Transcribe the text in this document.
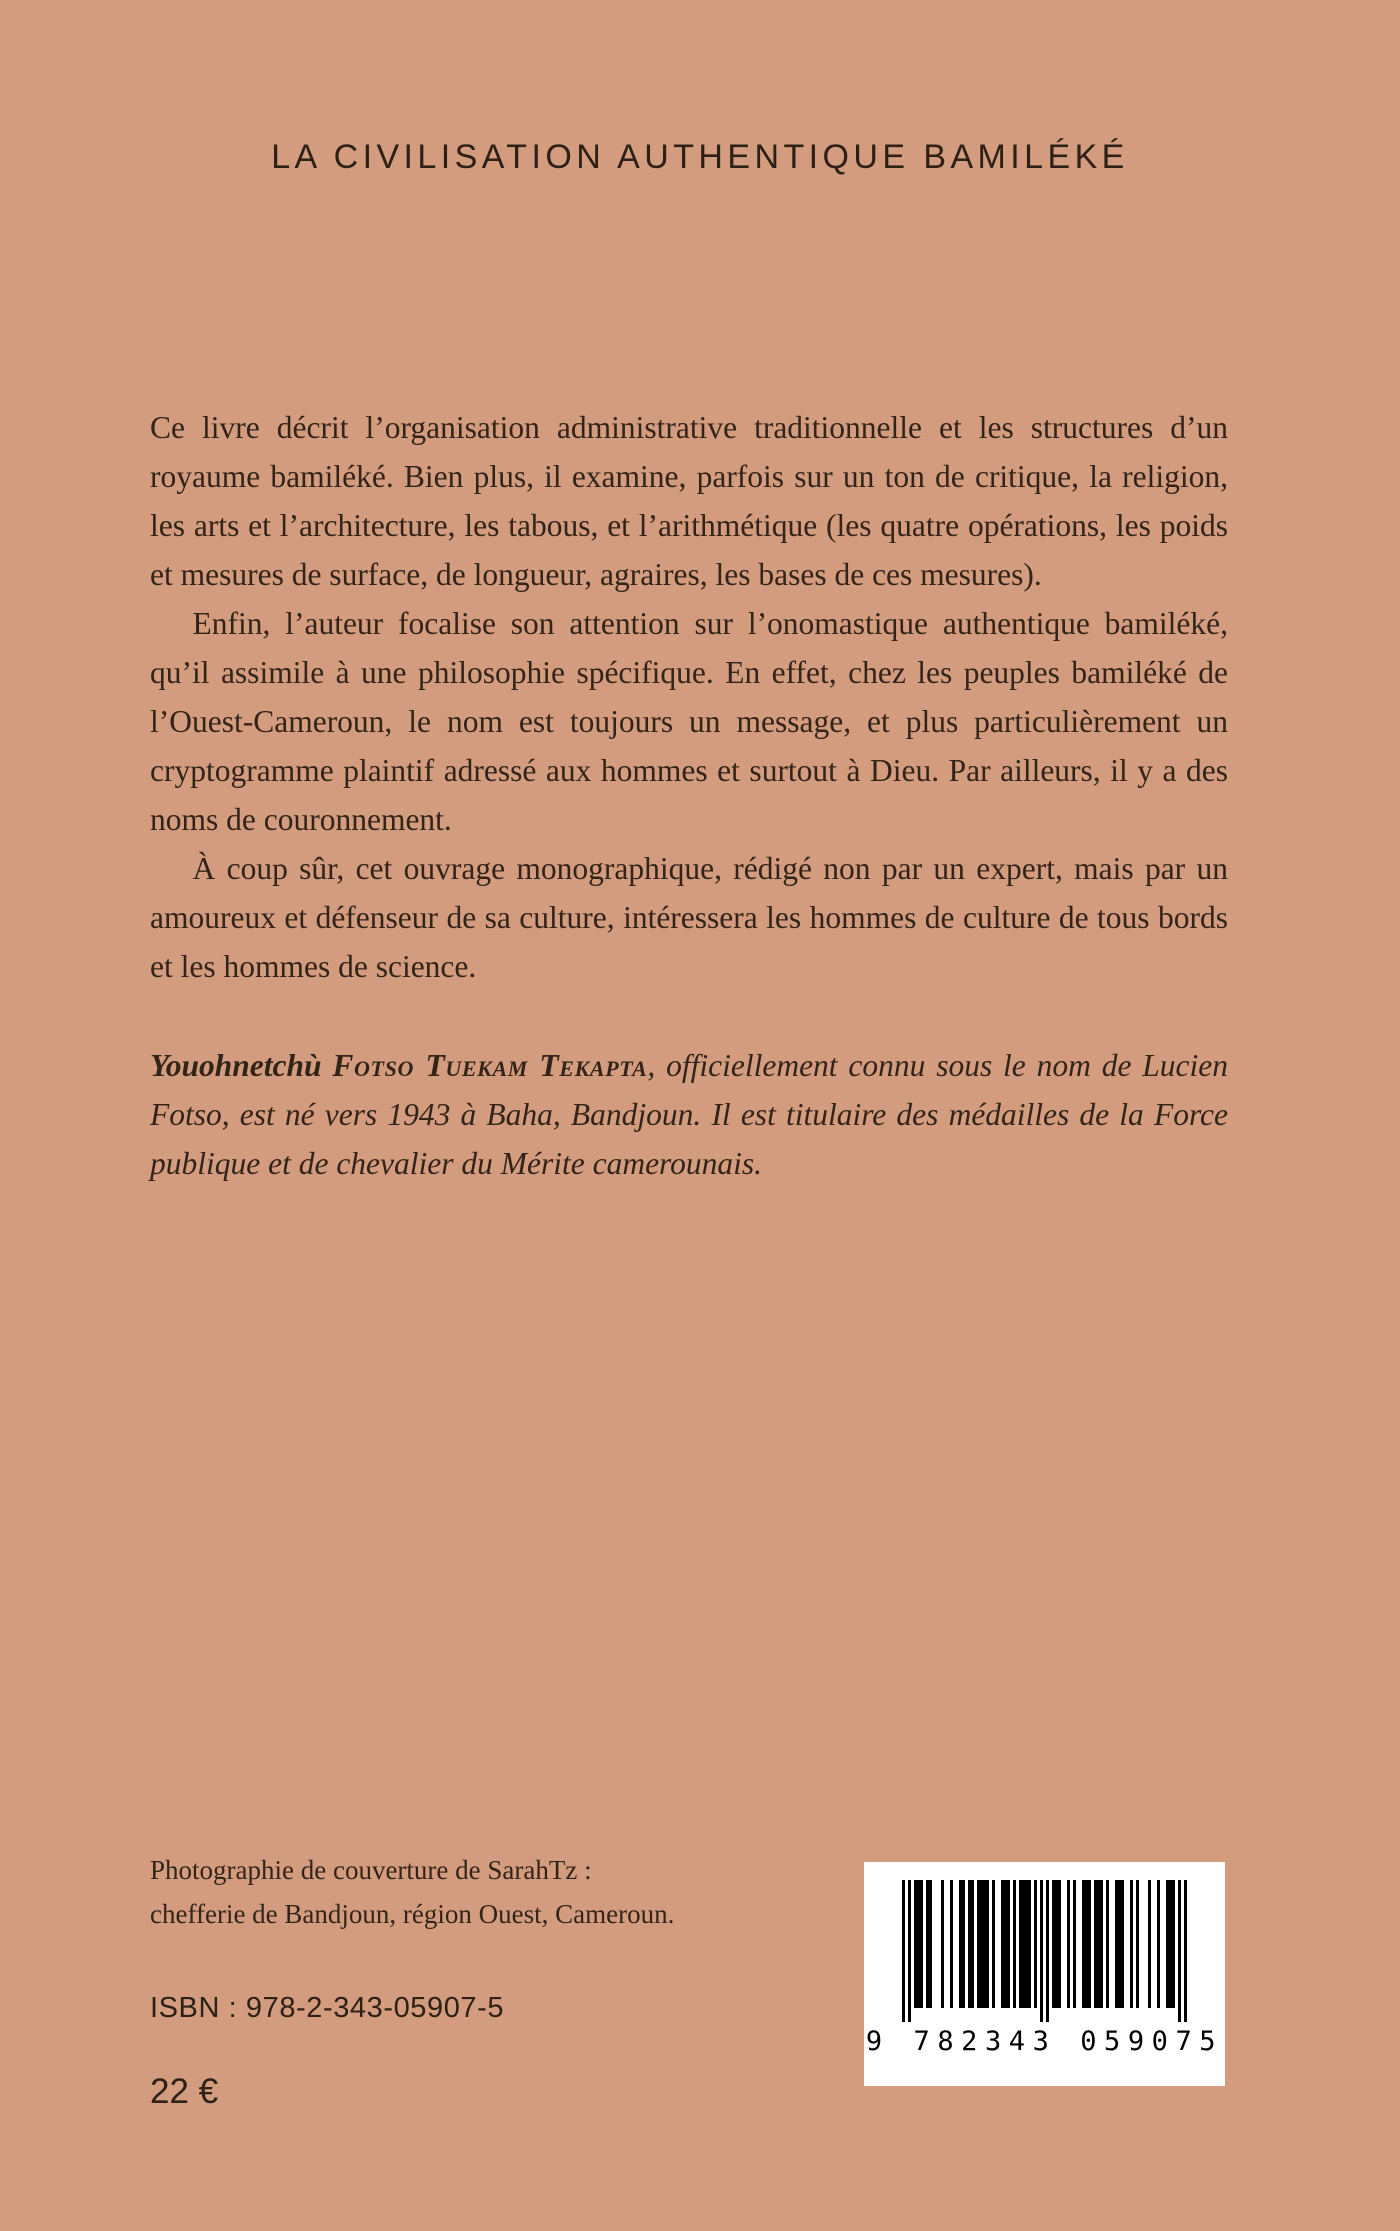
LA CIVILISATION AUTHENTIQUE BAMILÉKÉ

Ce livre décrit l’organisation administrative traditionnelle et les structures d’un royaume bamiléké. Bien plus, il examine, parfois sur un ton de critique, la religion, les arts et l’architecture, les tabous, et l’arithmétique (les quatre opérations, les poids et mesures de surface, de longueur, agraires, les bases de ces mesures).

Enfin, l’auteur focalise son attention sur l’onomastique authentique bamiléké, qu’il assimile à une philosophie spécifique. En effet, chez les peuples bamiléké de l’Ouest-Cameroun, le nom est toujours un message, et plus particulièrement un cryptogramme plaintif adressé aux hommes et surtout à Dieu. Par ailleurs, il y a des noms de couronnement.

À coup sûr, cet ouvrage monographique, rédigé non par un expert, mais par un amoureux et défenseur de sa culture, intéressera les hommes de culture de tous bords et les hommes de science.

Youohnetchù Fotso Tuekam Tekapta, officiellement connu sous le nom de Lucien Fotso, est né vers 1943 à Baha, Bandjoun. Il est titulaire des médailles de la Force publique et de chevalier du Mérite camerounais.
Photographie de couverture de SarahTz :
chefferie de Bandjoun, région Ouest, Cameroun.
ISBN : 978-2-343-05907-5
22 €
9 782343 059075
